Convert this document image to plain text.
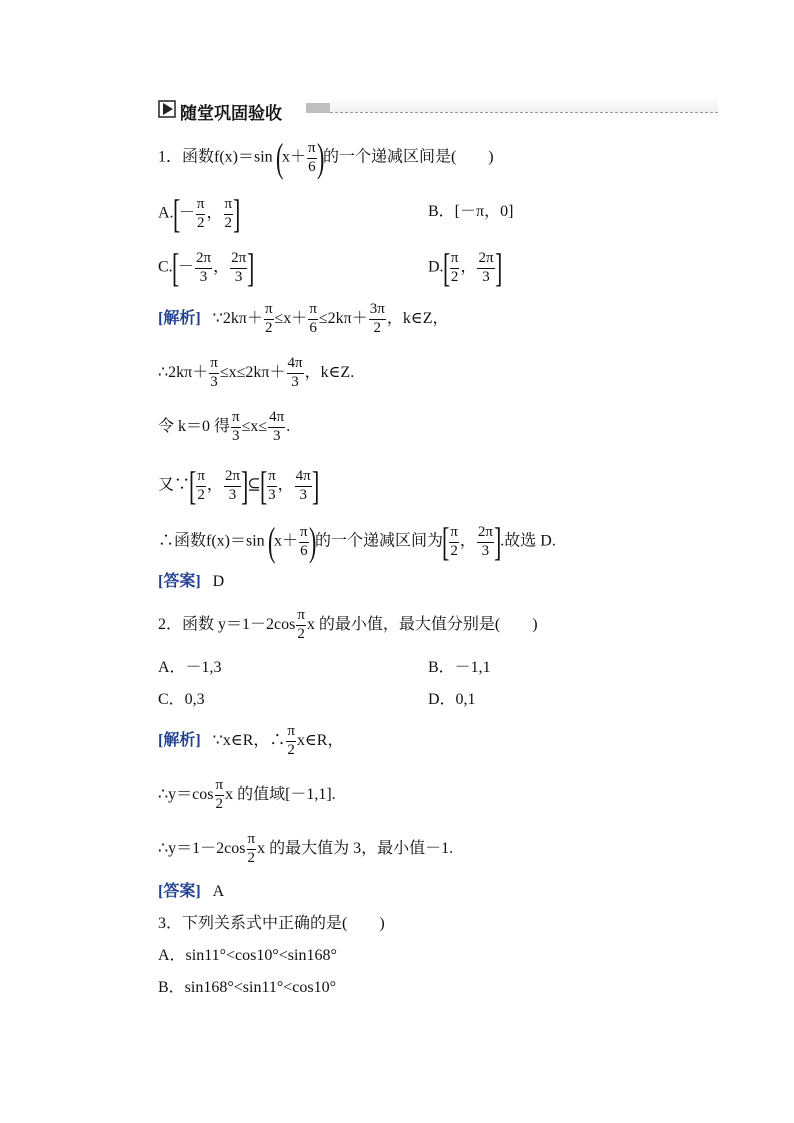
随堂巩固验收
1．函数f(x)＝sin ($x+ \frac{\pi}{6}$ )的一个递减区间是(　　)
$A.[- \frac{\pi}{2}$ ， $\frac{\pi}{2}$ ]	B．[－π，0]
$C.[- \frac{2\pi}{3}$ ， $\frac{2\pi}{3}$ ]	$D.[ \frac{\pi}{2}$ ， $\frac{2\pi}{3}$ ]
[解析] ∵2kπ＋ $\frac{\pi}{2} \le x+ \frac{\pi}{6} \le 2k\pi+ \frac{3\pi}{2}$ ，k∈Z，
∴2kπ＋ $\frac{\pi}{3} \le x\le 2k\pi+ \frac{4\pi}{3}$ ，k∈Z.
令 k＝0 得 $\frac{\pi}{3} \le x\le \frac{4\pi}{3}$ .
又∵[ $\frac{\pi}{2}$ ， $\frac{2\pi}{3}$ ]⊆[ $\frac{\pi}{3}$ ， $\frac{4\pi}{3}$ ]
∴函数f(x)＝sin ($x+ \frac{\pi}{6}$ )的一个递减区间为[ $\frac{\pi}{2}$ ， $\frac{2\pi}{3}$ ].故选 D.
[答案] D
2．函数 $y=1-2\cos \frac{\pi}{2}$ x 的最小值，最大值分别是(　　)
A．－1,3	B．－1,1
C．0,3	D．0,1
[解析] ∵x∈R，∴ $\frac{\pi}{2}$ x∈R，
∴y＝cos $\frac{\pi}{2}$ x 的值域[－1,1].
∴y＝1－2cos $\frac{\pi}{2}$ x 的最大值为 3，最小值－1.
[答案] A
3．下列关系式中正确的是(　　)
A．sin11°<cos10°<sin168°
B．sin168°<sin11°<cos10°
